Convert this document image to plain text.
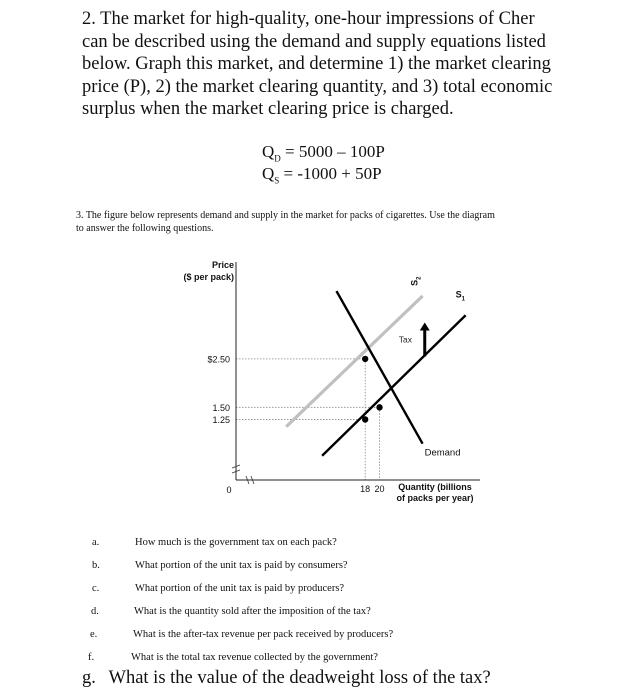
2. The market for high-quality, one-hour impressions of Cher
can be described using the demand and supply equations listed
below. Graph this market, and determine 1) the market clearing
price (P), 2) the market clearing quantity, and 3) total economic
surplus when the market clearing price is charged.
$Q_D = 5000 - 100P$
$Q_S = -1000 + 50P$
3. The figure below represents demand and supply in the market for packs of cigarettes. Use the diagram
to answer the following questions.
$S_1$
$S_2$
Demand
Tax
Price
($ per pack)
$2.50
1.50
1.25
18 20
0	Quantity (billions
of packs per year)
a.	How much is the government tax on each pack?
b.	What portion of the unit tax is paid by consumers?
c.	What portion of the unit tax is paid by producers?
d.	What is the quantity sold after the imposition of the tax?
e.	What is the after-tax revenue per pack received by producers?
f.	What is the total tax revenue collected by the government?
g. What is the value of the deadweight loss of the tax?
